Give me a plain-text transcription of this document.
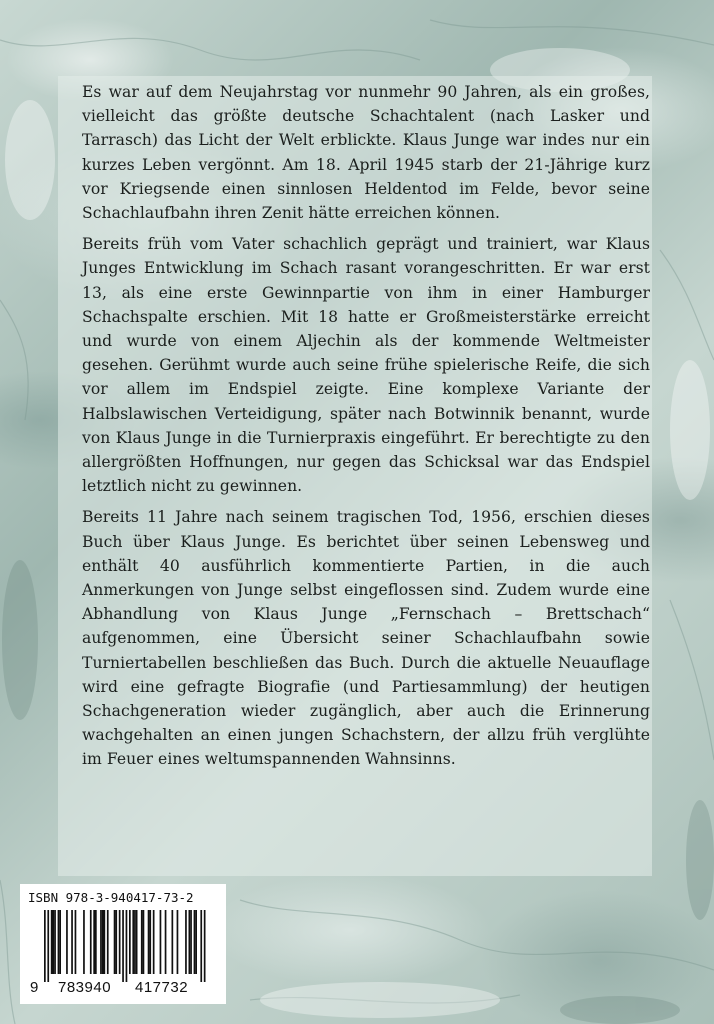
Es war auf dem Neujahrstag vor nunmehr 90 Jahren, als ein großes, vielleicht das größte deutsche Schachtalent (nach Lasker und Tarrasch) das Licht der Welt erblickte. Klaus Junge war indes nur ein kurzes Leben vergönnt. Am 18. April 1945 starb der 21-Jährige kurz vor Kriegsende einen sinnlosen Heldentod im Felde, bevor seine Schachlaufbahn ihren Zenit hätte erreichen können.

Bereits früh vom Vater schachlich geprägt und trainiert, war Klaus Junges Entwicklung im Schach rasant vorangeschritten. Er war erst 13, als eine erste Gewinnpartie von ihm in einer Hamburger Schachspalte erschien. Mit 18 hatte er Großmeisterstärke erreicht und wurde von einem Aljechin als der kommende Weltmeister gesehen. Gerühmt wurde auch seine frühe spielerische Reife, die sich vor allem im Endspiel zeigte. Eine komplexe Variante der Halbslawischen Verteidigung, später nach Botwinnik benannt, wurde von Klaus Junge in die Turnierpraxis eingeführt. Er berechtigte zu den allergrößten Hoffnungen, nur gegen das Schicksal war das Endspiel letztlich nicht zu gewinnen.

Bereits 11 Jahre nach seinem tragischen Tod, 1956, erschien dieses Buch über Klaus Junge. Es berichtet über seinen Lebensweg und enthält 40 ausführlich kommentierte Partien, in die auch Anmerkungen von Junge selbst eingeflossen sind. Zudem wurde eine Abhandlung von Klaus Junge „Fernschach – Brettschach“ aufgenommen, eine Übersicht seiner Schachlaufbahn sowie Turniertabellen beschließen das Buch. Durch die aktuelle Neuauflage wird eine gefragte Biografie (und Partiesammlung) der heutigen Schachgeneration wieder zugänglich, aber auch die Erinnerung wachgehalten an einen jungen Schachstern, der allzu früh verglühte im Feuer eines weltumspannenden Wahnsinns.

ISBN 978-3-940417-73-2
9 783940 417732
